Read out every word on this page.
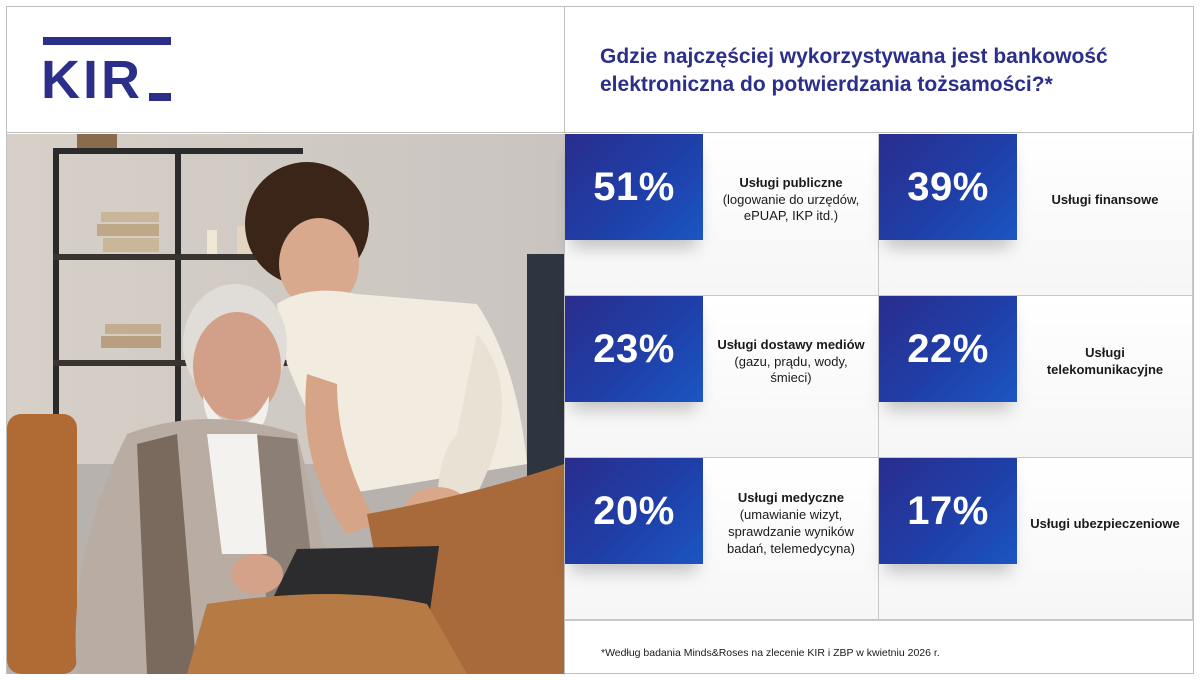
KIR	Gdzie najczęściej wykorzystywana jest bankowość elektroniczna do potwierdzania tożsamości?*
51%	Usługi publiczne
(logowanie do urzędów, ePUAP, IKP itd.)
39%	Usługi finansowe
23%	Usługi dostawy mediów
(gazu, prądu, wody, śmieci)
22%	Usługi telekomunikacyjne
20%	Usługi medyczne
(umawianie wizyt, sprawdzanie wyników badań, telemedycyna)
17%	Usługi ubezpieczeniowe
*Według badania Minds&Roses na zlecenie KIR i ZBP w kwietniu 2026 r.
